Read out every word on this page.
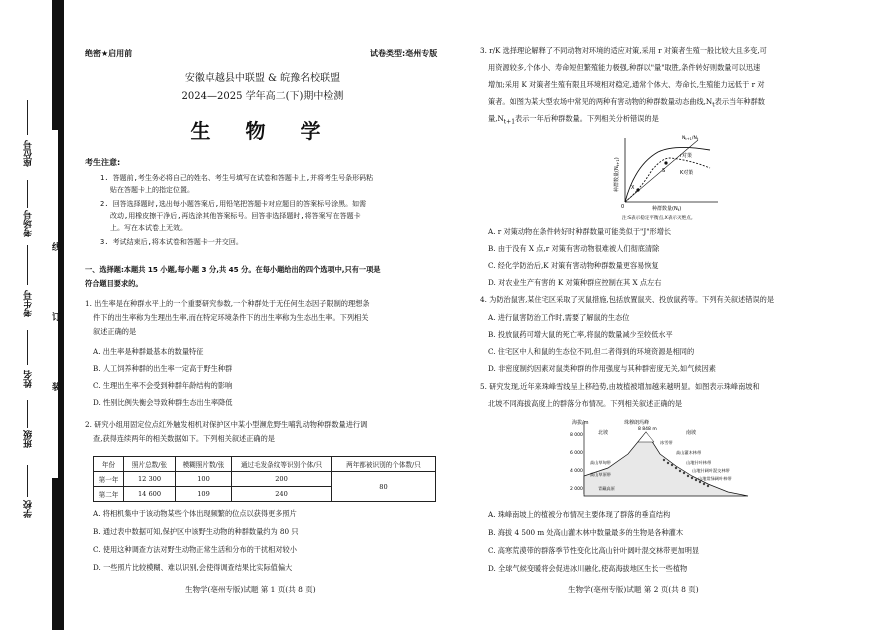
座位号
考场号
考生号
姓名
班级
学校
线
订
装
绝密★启用前	试卷类型:亳州专版
安徽卓越县中联盟 & 皖豫名校联盟
2024—2025 学年高二(下)期中检测
生 物 学
考生注意:
1. 答题前,考生务必将自己的姓名、考生号填写在试卷和答题卡上,并将考生号条形码粘
贴在答题卡上的指定位置。
2. 回答选择题时,选出每小题答案后,用铅笔把答题卡对应题目的答案标号涂黑。如需
改动,用橡皮擦干净后,再选涂其他答案标号。回答非选择题时,将答案写在答题卡
上。写在本试卷上无效。
3. 考试结束后,将本试卷和答题卡一并交回。
一、选择题:本题共 15 小题,每小题 3 分,共 45 分。在每小题给出的四个选项中,只有一项是
符合题目要求的。
1. 出生率是在种群水平上的一个重要研究参数,一个种群处于无任何生态因子限制的理想条
件下的出生率称为生理出生率,而在特定环境条件下的出生率称为生态出生率。下列相关
叙述正确的是
A. 出生率是种群最基本的数量特征
B. 人工饲养种群的出生率一定高于野生种群
C. 生理出生率不会受到种群年龄结构的影响
D. 性别比例失衡会导致种群生态出生率降低
2. 研究小组用固定位点红外触发相机对保护区中某小型濒危野生哺乳动物种群数量进行调
查,获得连续两年的相关数据如下。下列相关叙述正确的是
年份	照片总数/张	模糊照片数/张	通过毛发条纹等识别个体/只	两年都被识别的个体数/只
第一年	12 300	100	200	80
第二年	14 600	109	240	
A. 将相机集中于该动物某些个体出现频繁的位点以获得更多照片
B. 通过表中数据可知,保护区中该野生动物的种群数量约为 80 只
C. 使用这种调查方法对野生动物正常生活和分布的干扰相对较小
D. 一些照片比较模糊、难以识别,会使得调查结果比实际值偏大
生物学(亳州专版)试题 第 1 页(共 8 页)
3. r/K 选择理论解释了不同动物对环境的适应对策,采用 r 对策者生殖一般比较大且多变,可
用资源较多,个体小、寿命短但繁殖能力极强,种群以"量"取胜,条件转好则数量可以迅速
增加;采用 K 对策者生殖有限且环境相对稳定,通常个体大、寿命长,生殖能力远低于 r 对
策者。如图为某大型农场中常见的两种有害动物的种群数量动态曲线$,N_t$表示当年种群数
量$,N_{t+1}$表示一年后种群数量。下列相关分析错误的是
X
S
$N_{t+1}/N_t$
r对策
K对策
0	种群数量$(N_t)$
种群数量$(N_{t+1})$
注:S表示稳定平衡点,X表示灭绝点。
A. r 对策动物在条件转好时种群数量可能类似于"J"形增长
B. 由于没有 X 点,r 对策有害动物很难被人们彻底清除
C. 经化学防治后,K 对策有害动物种群数量更容易恢复
D. 对农业生产有害的 K 对策种群应控制在其 X 点左右
4. 为防治鼠害,某住宅区采取了灭鼠措施,包括放置鼠夹、投放鼠药等。下列有关叙述错误的是
A. 进行鼠害防治工作时,需要了解鼠的生态位
B. 投放鼠药可增大鼠的死亡率,将鼠的数量减少至较低水平
C. 住宅区中人和鼠的生态位不同,但二者得到的环境资源是相同的
D. 非密度制约因素对鼠类种群的作用强度与其种群密度无关,如气候因素
5. 研究发现,近年来珠峰雪线呈上移趋势,由坡植被增加越来越明显。如图表示珠峰南坡和
北坡不同海拔高度上的群落分布情况。下列相关叙述正确的是
海拔/m
8 000
6 000
4 000
2 000
北坡
珠穆朗玛峰
8 848 m
南坡
冰雪带
高山草甸带
高山灌木林带
高山草原带
山地针叶林带
山地针阔叶混交林带
山地常绿阔叶林带
青藏高原
A. 珠峰南坡上的植被分布情况主要体现了群落的垂直结构
B. 海拔 4 500 m 处高山灌木林中数量最多的生物是各种灌木
C. 高寒荒漠带的群落季节性变化比高山针叶阔叶混交林带更加明显
D. 全球气候变暖将会促进冰川融化,使高海拔地区生长一些植物
生物学(亳州专版)试题 第 2 页(共 8 页)
